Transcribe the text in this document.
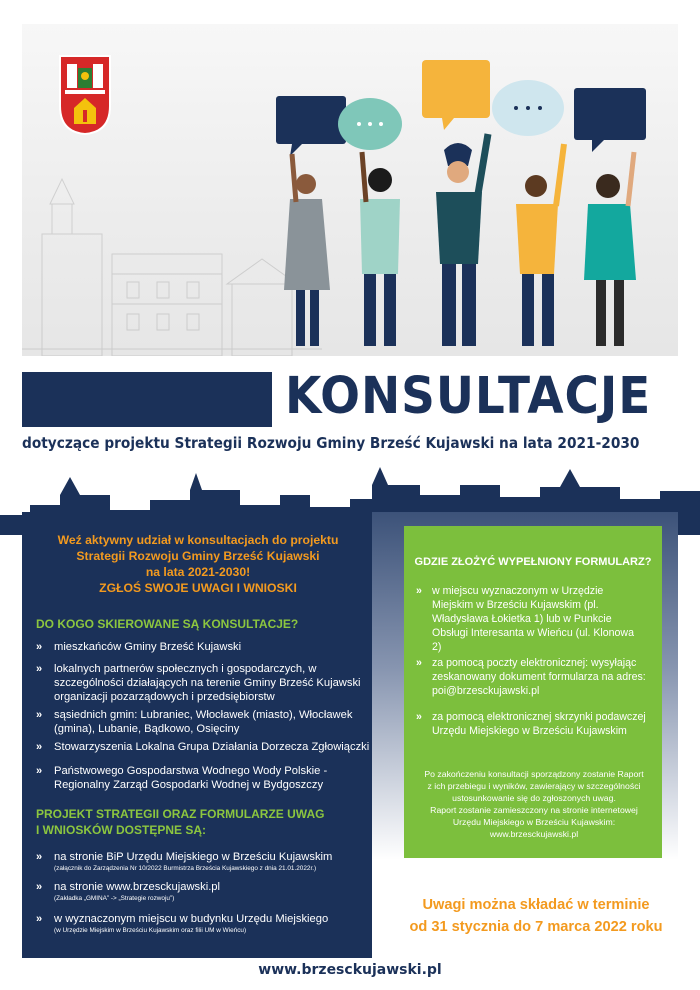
KONSULTACJE
dotyczące projektu Strategii Rozwoju Gminy Brześć Kujawski na lata 2021-2030
Weź aktywny udział w konsultacjach do projektu
Strategii Rozwoju Gminy Brześć Kujawski
na lata 2021-2030!
ZGŁOŚ SWOJE UWAGI I WNIOSKI
DO KOGO SKIEROWANE SĄ KONSULTACJE?
» mieszkańców Gminy Brześć Kujawski
» lokalnych partnerów społecznych i gospodarczych, w szczególności działających na terenie Gminy Brześć Kujawski organizacji pozarządowych i przedsiębiorstw
» sąsiednich gmin: Lubraniec, Włocławek (miasto), Włocławek (gmina), Lubanie, Bądkowo, Osięciny
» Stowarzyszenia Lokalna Grupa Działania Dorzecza Zgłowiączki
» Państwowego Gospodarstwa Wodnego Wody Polskie - Regionalny Zarząd Gospodarki Wodnej w Bydgoszczy
PROJEKT STRATEGII ORAZ FORMULARZE UWAG
I WNIOSKÓW DOSTĘPNE SĄ:
» na stronie BiP Urzędu Miejskiego w Brześciu Kujawskim
(załącznik do Zarządzenia Nr 10/2022 Burmistrza Brześcia Kujawskiego z dnia 21.01.2022r.)
» na stronie www.brzesckujawski.pl
(Zakładka „GMINA” -> „Strategie rozwoju”)
» w wyznaczonym miejscu w budynku Urzędu Miejskiego
(w Urzędzie Miejskim w Brześciu Kujawskim oraz filii UM w Wieńcu)
GDZIE ZŁOŻYĆ WYPEŁNIONY FORMULARZ?
» w miejscu wyznaczonym w Urzędzie Miejskim w Brześciu Kujawskim (pl. Władysława Łokietka 1) lub w Punkcie Obsługi Interesanta w Wieńcu (ul. Klonowa 2)
» za pomocą poczty elektronicznej: wysyłając zeskanowany dokument formularza na adres: poi@brzesckujawski.pl
» za pomocą elektronicznej skrzynki podawczej Urzędu Miejskiego w Brześciu Kujawskim
Po zakończeniu konsultacji sporządzony zostanie Raport
z ich przebiegu i wyników, zawierający w szczególności
ustosunkowanie się do zgłoszonych uwag.
Raport zostanie zamieszczony na stronie internetowej
Urzędu Miejskiego w Brześciu Kujawskim:
www.brzesckujawski.pl
Uwagi można składać w terminie
od 31 stycznia do 7 marca 2022 roku
www.brzesckujawski.pl
